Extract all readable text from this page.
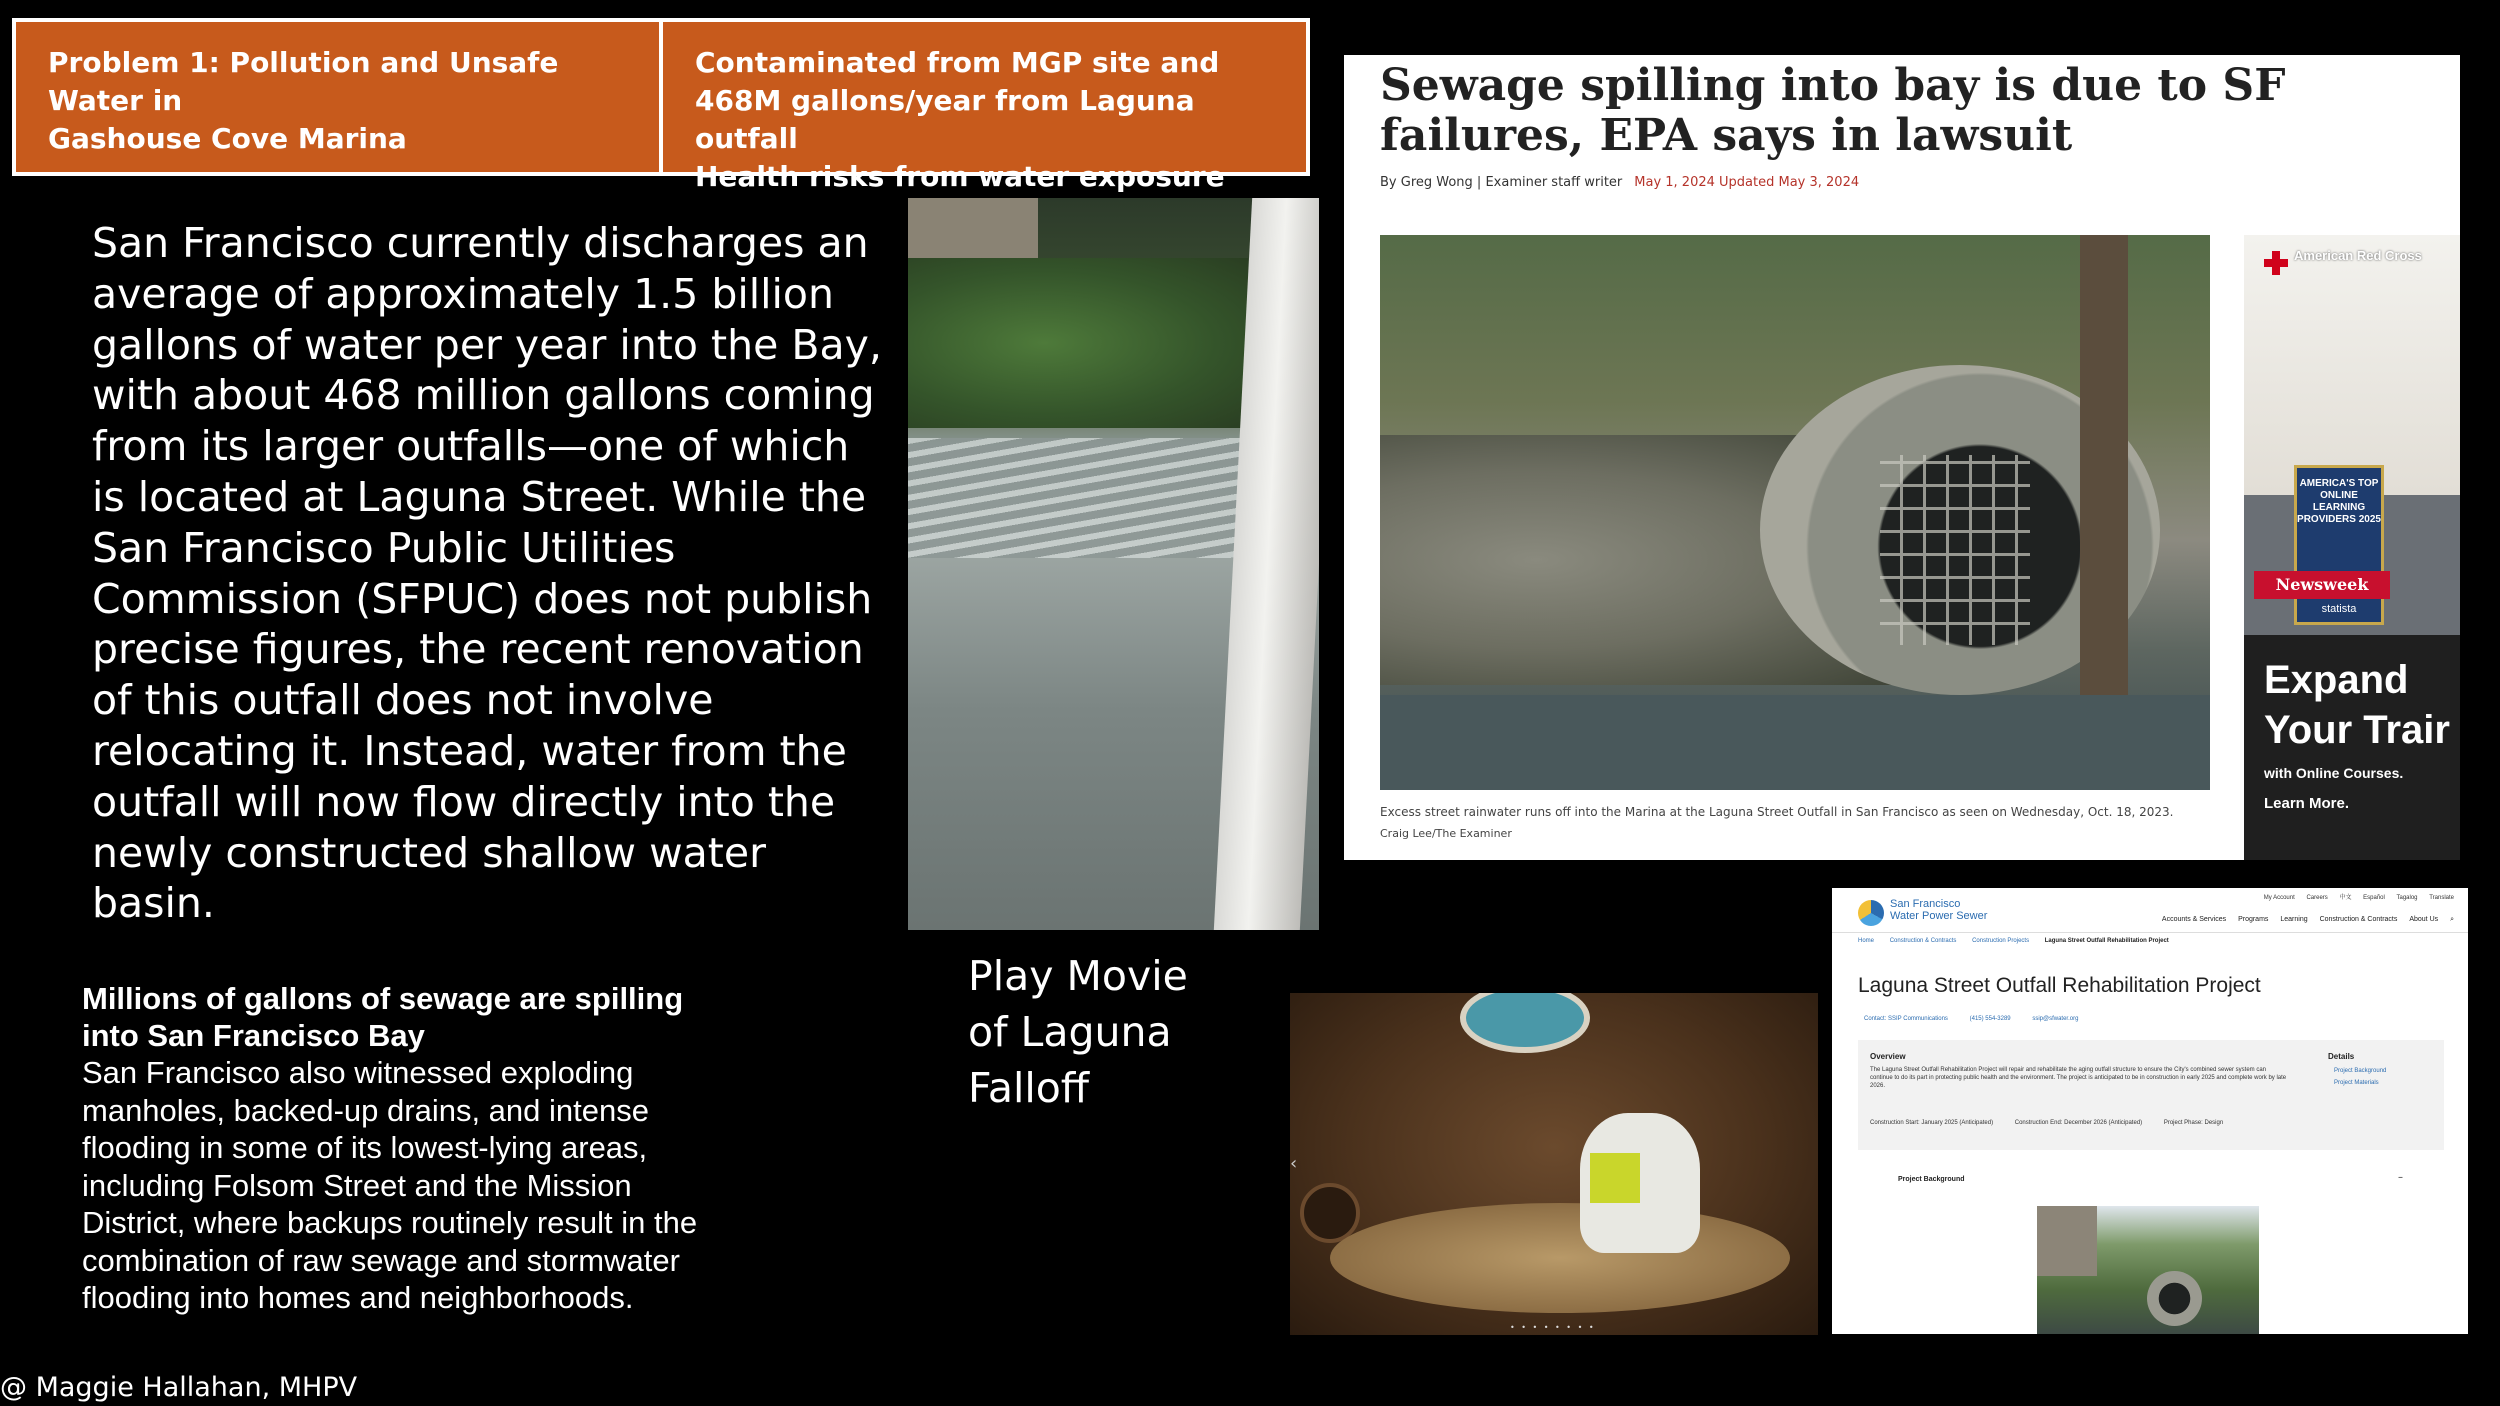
Problem 1: Pollution and Unsafe Water in
Gashouse Cove Marina
Contaminated from MGP site and
468M gallons/year from Laguna outfall
Health risks from water exposure
San Francisco currently discharges an average of approximately 1.5 billion gallons of water per year into the Bay, with about 468 million gallons coming from its larger outfalls—one of which is located at Laguna Street. While the San Francisco Public Utilities Commission (SFPUC) does not publish precise figures, the recent renovation of this outfall does not involve relocating it. Instead, water from the outfall will now flow directly into the newly constructed shallow water basin.
Millions of gallons of sewage are spilling into San Francisco Bay
San Francisco also witnessed exploding manholes, backed-up drains, and intense flooding in some of its lowest-lying areas, including Folsom Street and the Mission District, where backups routinely result in the combination of raw sewage and stormwater flooding into homes and neighborhoods.
@ Maggie Hallahan, MHPV
Play Movie of Laguna Falloff
Sewage spilling into bay is due to SF failures, EPA says in lawsuit
By Greg Wong | Examiner staff writer May 1, 2024 Updated May 3, 2024
Excess street rainwater runs off into the Marina at the Laguna Street Outfall in San Francisco as seen on Wednesday, Oct. 18, 2023.
Craig Lee/The Examiner
American Red Cross
AMERICA'S TOP ONLINE LEARNING PROVIDERS 2025
Newsweek
statista
Expand Your Trair
with Online Courses.
Learn More.
‹
• • • • • • • •
San Francisco
Water Power Sewer
My Account Careers 中文 Español Tagalog Translate
Accounts & Services Programs Learning Construction & Contracts About Us ⌕
Home	Construction & Contracts	Construction Projects	Laguna Street Outfall Rehabilitation Project
Laguna Street Outfall Rehabilitation Project
Contact: SSIP Communications	(415) 554-3289	ssip@sfwater.org
Overview
The Laguna Street Outfall Rehabilitation Project will repair and rehabilitate the aging outfall structure to ensure the City's combined sewer system can continue to do its part in protecting public health and the environment. The project is anticipated to be in construction in early 2025 and complete work by late 2026.
Construction Start: January 2025 (Anticipated)	Construction End: December 2026 (Anticipated)	Project Phase: Design
Details
Project Background
Project Materials
Project Background	–
